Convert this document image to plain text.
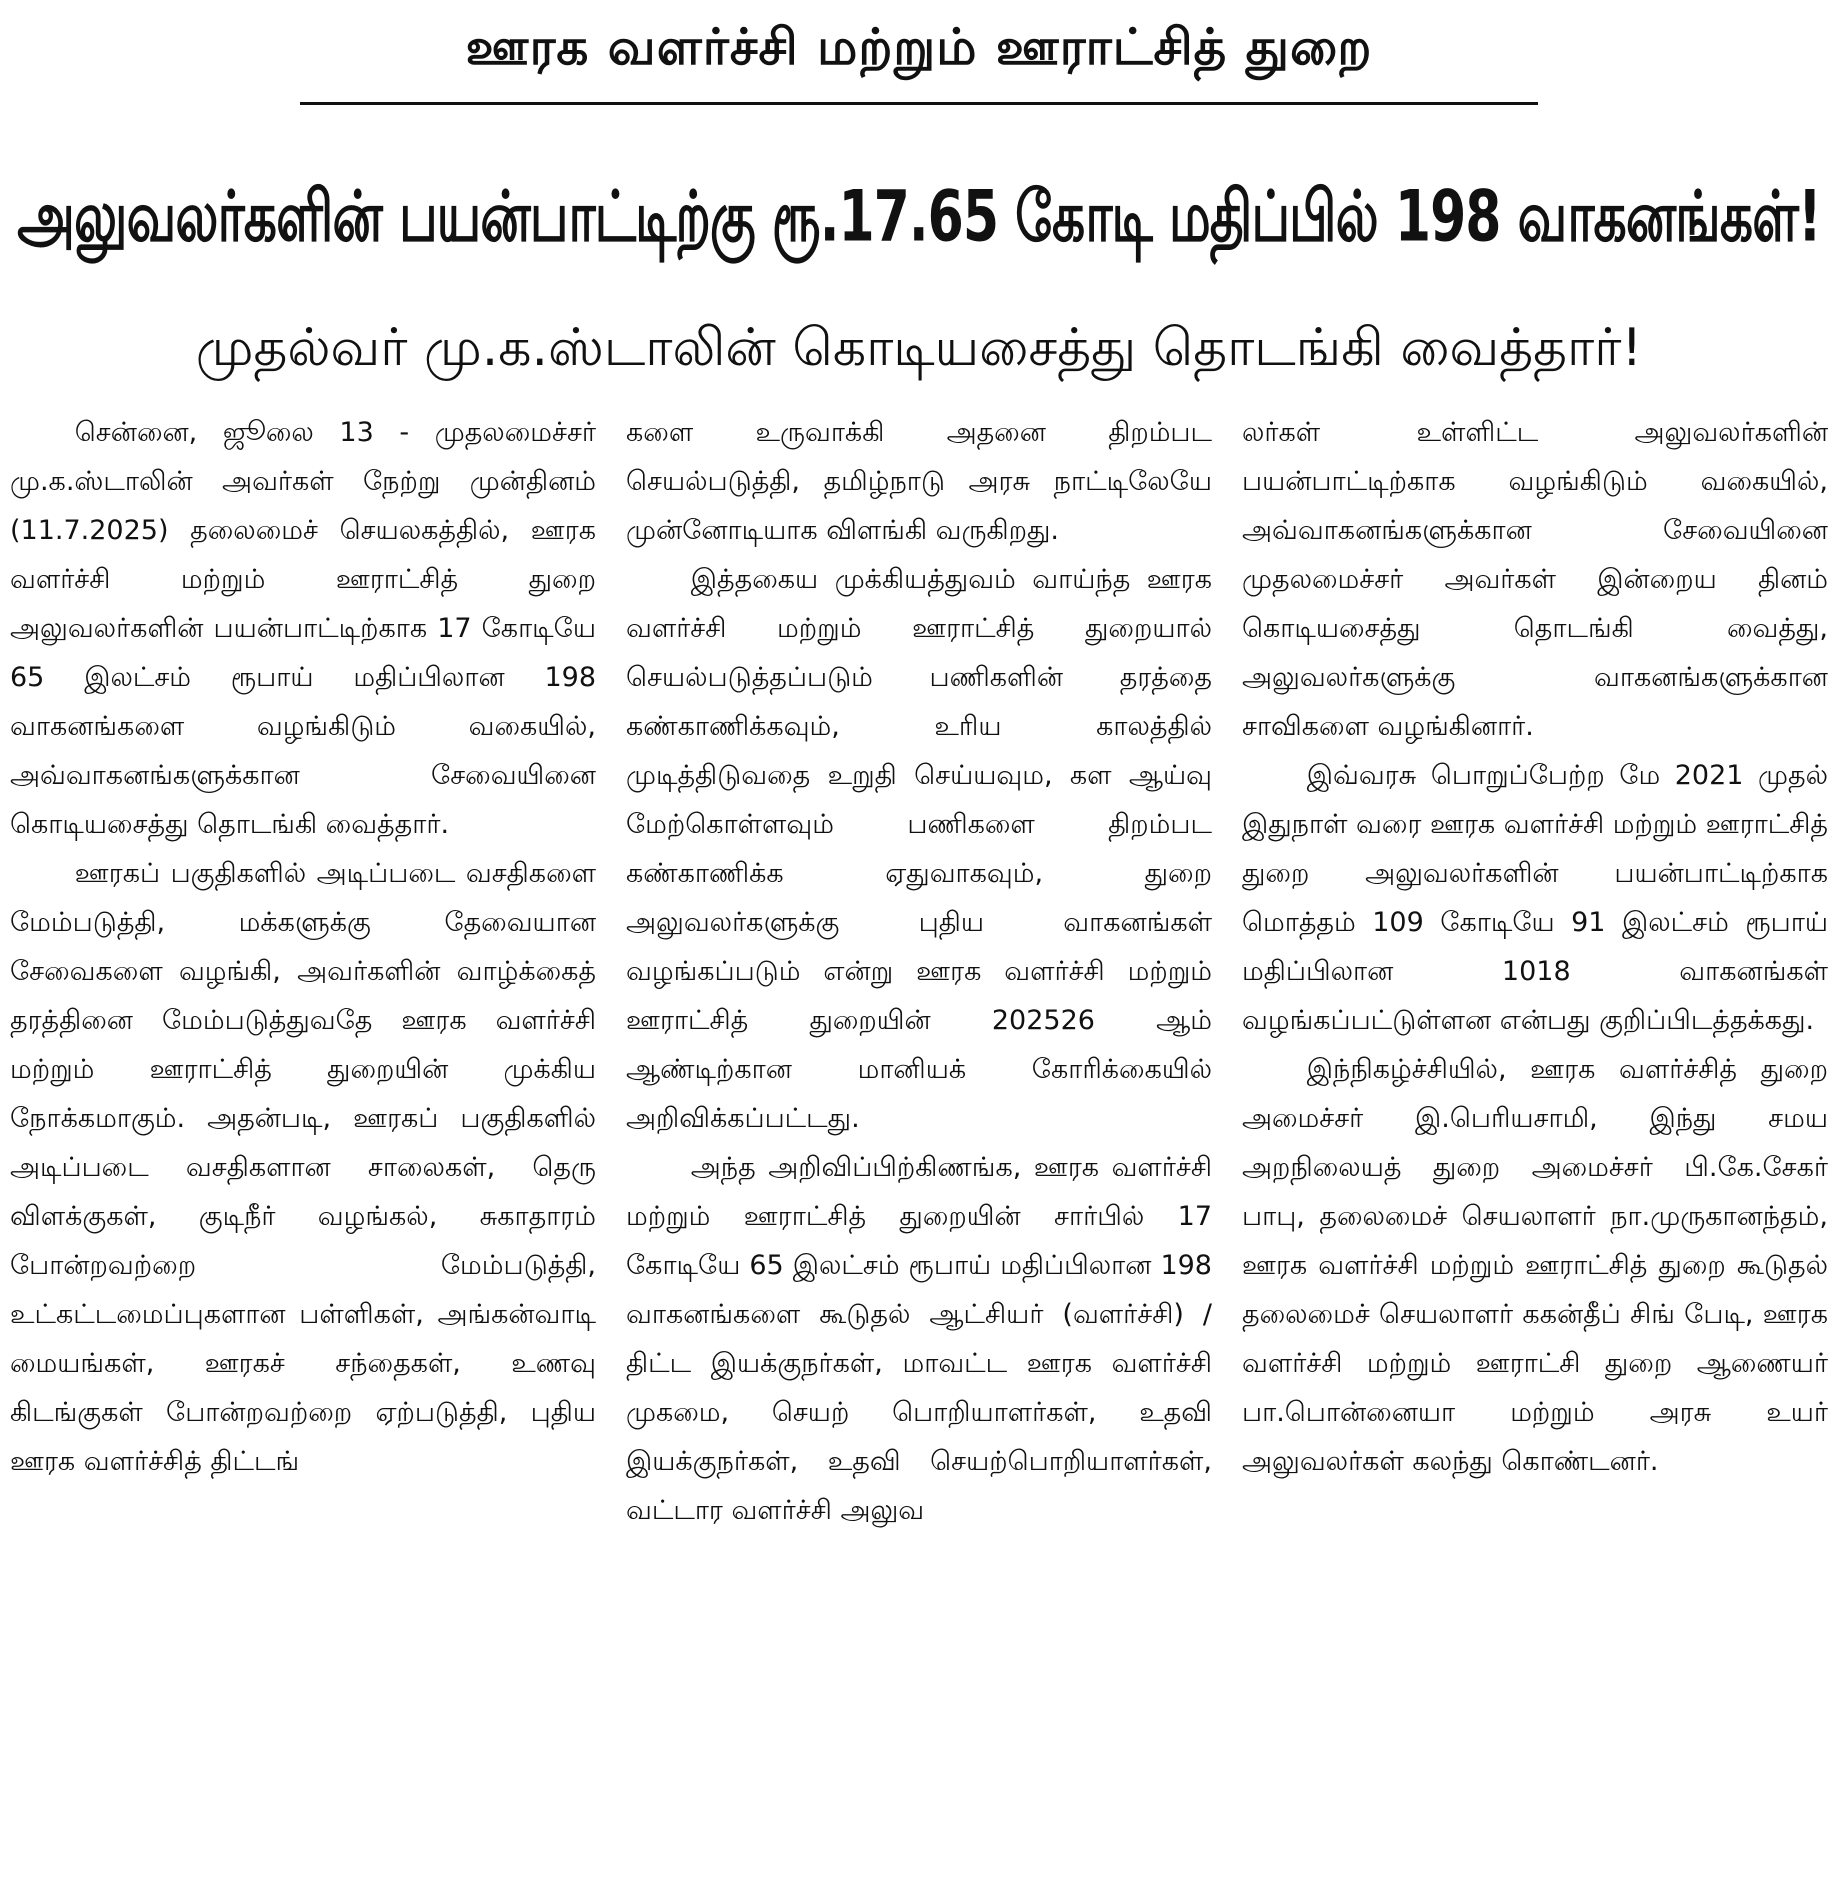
ஊரக வளர்ச்சி மற்றும் ஊராட்சித் துறை
அலுவலர்களின் பயன்பாட்டிற்கு ரூ.17.65 கோடி மதிப்பில் 198 வாகனங்கள்!
முதல்வர் மு.க.ஸ்டாலின் கொடியசைத்து தொடங்கி வைத்தார்!

சென்னை, ஜூலை 13 - முதலமைச்சர் மு.க.ஸ்டாலின் அவர்கள் நேற்று முன்தினம் (11.7.2025) தலைமைச் செயலகத்தில், ஊரக வளர்ச்சி மற்றும் ஊராட்சித் துறை அலுவலர்களின் பயன்பாட்டிற்காக 17 கோடியே 65 இலட்சம் ரூபாய் மதிப்பிலான 198 வாகனங்களை வழங்கிடும் வகையில், அவ்வாகனங்களுக்கான சேவையினை கொடியசைத்து தொடங்கி வைத்தார்.

ஊரகப் பகுதிகளில் அடிப்படை வசதிகளை மேம்படுத்தி, மக்களுக்கு தேவையான சேவைகளை வழங்கி, அவர்களின் வாழ்க்கைத் தரத்தினை மேம்படுத்துவதே ஊரக வளர்ச்சி மற்றும் ஊராட்சித் துறையின் முக்கிய நோக்கமாகும். அதன்படி, ஊரகப் பகுதிகளில் அடிப்படை வசதிகளான சாலைகள், தெரு விளக்குகள், குடிநீர் வழங்கல், சுகாதாரம் போன்றவற்றை மேம்படுத்தி, உட்கட்டமைப்புகளான பள்ளிகள், அங்கன்வாடி மையங்கள், ஊரகச் சந்தைகள், உணவு கிடங்குகள் போன்றவற்றை ஏற்படுத்தி, புதிய ஊரக வளர்ச்சித் திட்டங்

களை உருவாக்கி அதனை திறம்பட செயல்படுத்தி, தமிழ்நாடு அரசு நாட்டிலேயே முன்னோடியாக விளங்கி வருகிறது.

இத்தகைய முக்கியத்துவம் வாய்ந்த ஊரக வளர்ச்சி மற்றும் ஊராட்சித் துறையால் செயல்படுத்தப்படும் பணிகளின் தரத்தை கண்காணிக்கவும், உரிய காலத்தில் முடித்திடுவதை உறுதி செய்யவும, கள ஆய்வு மேற்கொள்ளவும் பணிகளை திறம்பட கண்காணிக்க ஏதுவாகவும், துறை அலுவலர்களுக்கு புதிய வாகனங்கள் வழங்கப்படும் என்று ஊரக வளர்ச்சி மற்றும் ஊராட்சித் துறையின் 202526 ஆம் ஆண்டிற்கான மானியக் கோரிக்கையில் அறிவிக்கப்பட்டது.

அந்த அறிவிப்பிற்கிணங்க, ஊரக வளர்ச்சி மற்றும் ஊராட்சித் துறையின் சார்பில் 17 கோடியே 65 இலட்சம் ரூபாய் மதிப்பிலான 198 வாகனங்களை கூடுதல் ஆட்சியர் (வளர்ச்சி) / திட்ட இயக்குநர்கள், மாவட்ட ஊரக வளர்ச்சி முகமை, செயற் பொறியாளர்கள், உதவி இயக்குநர்கள், உதவி செயற்பொறியாளர்கள், வட்டார வளர்ச்சி அலுவ

லர்கள் உள்ளிட்ட அலுவலர்களின் பயன்பாட்டிற்காக வழங்கிடும் வகையில், அவ்வாகனங்களுக்கான சேவையினை முதலமைச்சர் அவர்கள் இன்றைய தினம் கொடியசைத்து தொடங்கி வைத்து, அலுவலர்களுக்கு வாகனங்களுக்கான சாவிகளை வழங்கினார்.

இவ்வரசு பொறுப்பேற்ற மே 2021 முதல் இதுநாள் வரை ஊரக வளர்ச்சி மற்றும் ஊராட்சித் துறை அலுவலர்களின் பயன்பாட்டிற்காக மொத்தம் 109 கோடியே 91 இலட்சம் ரூபாய் மதிப்பிலான 1018 வாகனங்கள் வழங்கப்பட்டுள்ளன என்பது குறிப்பிடத்தக்கது.

இந்நிகழ்ச்சியில், ஊரக வளர்ச்சித் துறை அமைச்சர் இ.பெரியசாமி, இந்து சமய அறநிலையத் துறை அமைச்சர் பி.கே.சேகர் பாபு, தலைமைச் செயலாளர் நா.முருகானந்தம், ஊரக வளர்ச்சி மற்றும் ஊராட்சித் துறை கூடுதல் தலைமைச் செயலாளர் ககன்தீப் சிங் பேடி, ஊரக வளர்ச்சி மற்றும் ஊராட்சி துறை ஆணையர் பா.பொன்னையா மற்றும் அரசு உயர் அலுவலர்கள் கலந்து கொண்டனர்.
